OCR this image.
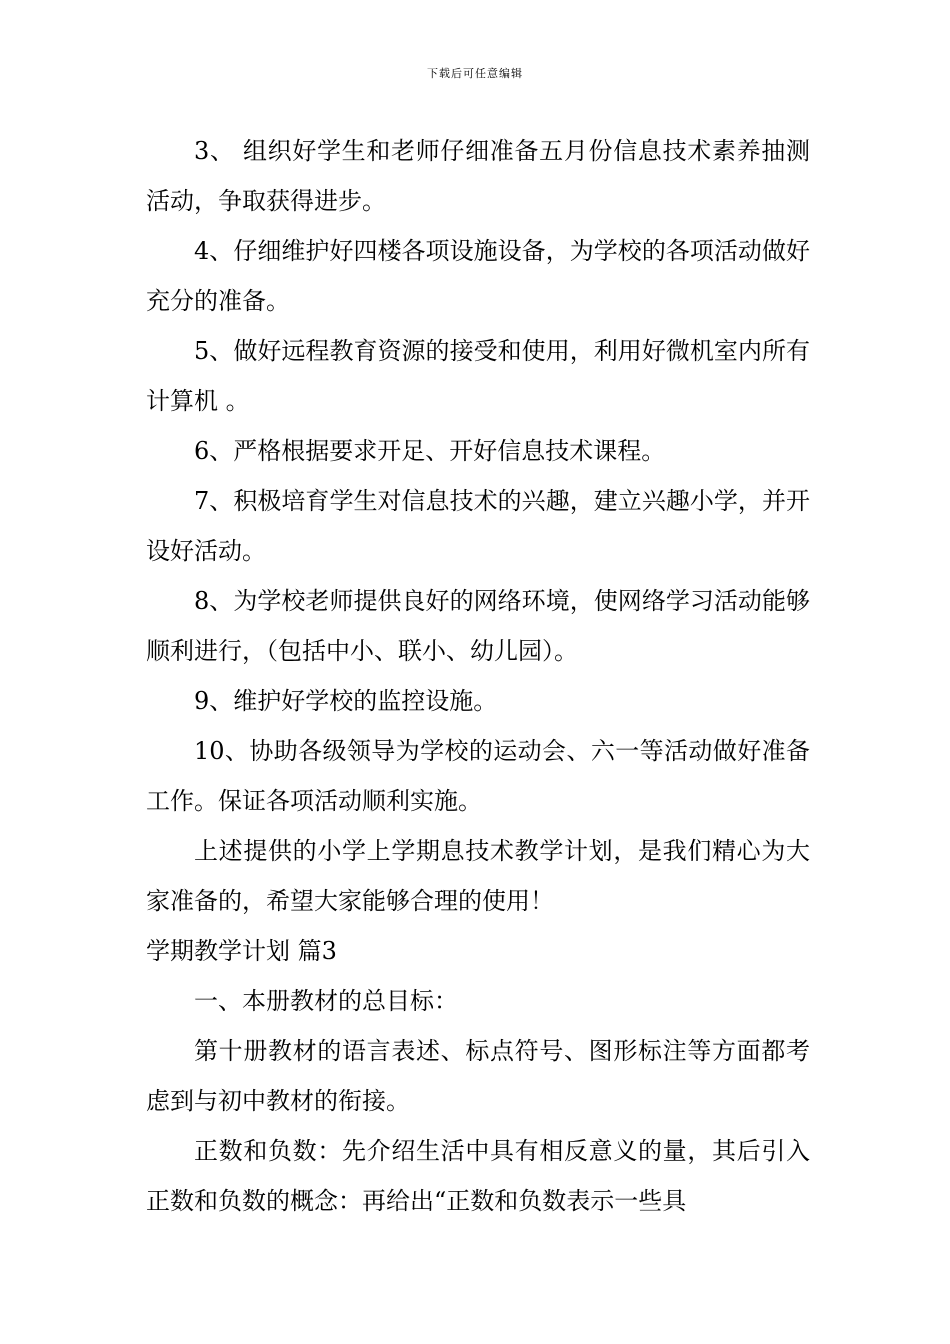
下载后可任意编辑

3、 组织好学生和老师仔细准备五月份信息技术素养抽测活动，争取获得进步。

4、仔细维护好四楼各项设施设备，为学校的各项活动做好充分的准备。

5、做好远程教育资源的接受和使用，利用好微机室内所有计算机 。

6、严格根据要求开足、开好信息技术课程。

7、积极培育学生对信息技术的兴趣，建立兴趣小学，并开设好活动。

8、为学校老师提供良好的网络环境，使网络学习活动能够顺利进行，（包括中小、联小、幼儿园）。

9、维护好学校的监控设施。

10、协助各级领导为学校的运动会、六一等活动做好准备工作。保证各项活动顺利实施。

上述提供的小学上学期息技术教学计划，是我们精心为大家准备的，希望大家能够合理的使用！

学期教学计划 篇3

一、本册教材的总目标：

第十册教材的语言表述、标点符号、图形标注等方面都考虑到与初中教材的衔接。

正数和负数：先介绍生活中具有相反意义的量，其后引入正数和负数的概念：再给出“正数和负数表示一些具
